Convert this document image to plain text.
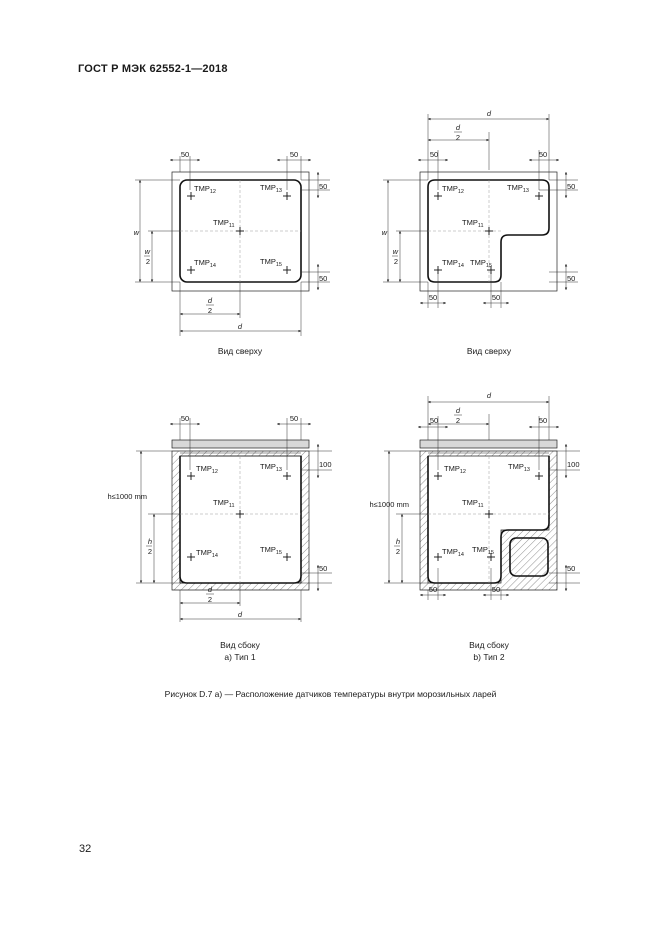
ГОСТ Р МЭК 62552-1—2018
50	50
50
50
w
w
2
d
2
d
$TMP_{12}$	$TMP_{13}$
$TMP_{11}$
$TMP_{14}$	$TMP_{15}$
Вид сверху
d
d
2
50	50
50
50
w
w
2
50	50
$TMP_{12}$	$TMP_{13}$
$TMP_{11}$
$TMP_{14}$ $TMP_{15}$
Вид сверху
50	50
100
50
h≤1000 mm
h
2
d
2
d
$TMP_{12}$
$TMP_{13}$
$TMP_{11}$
$TMP_{14}$
$TMP_{15}$
Вид сбоку
а) Тип 1
d
d
2
50	50
100
50
h≤1000 mm
h
2
50	50
$TMP_{12}$
$TMP_{13}$
$TMP_{11}$
$TMP_{14}$
$TMP_{15}$
Вид сбоку
b) Тип 2
Рисунок D.7 а) — Расположение датчиков температуры внутри морозильных ларей
32
